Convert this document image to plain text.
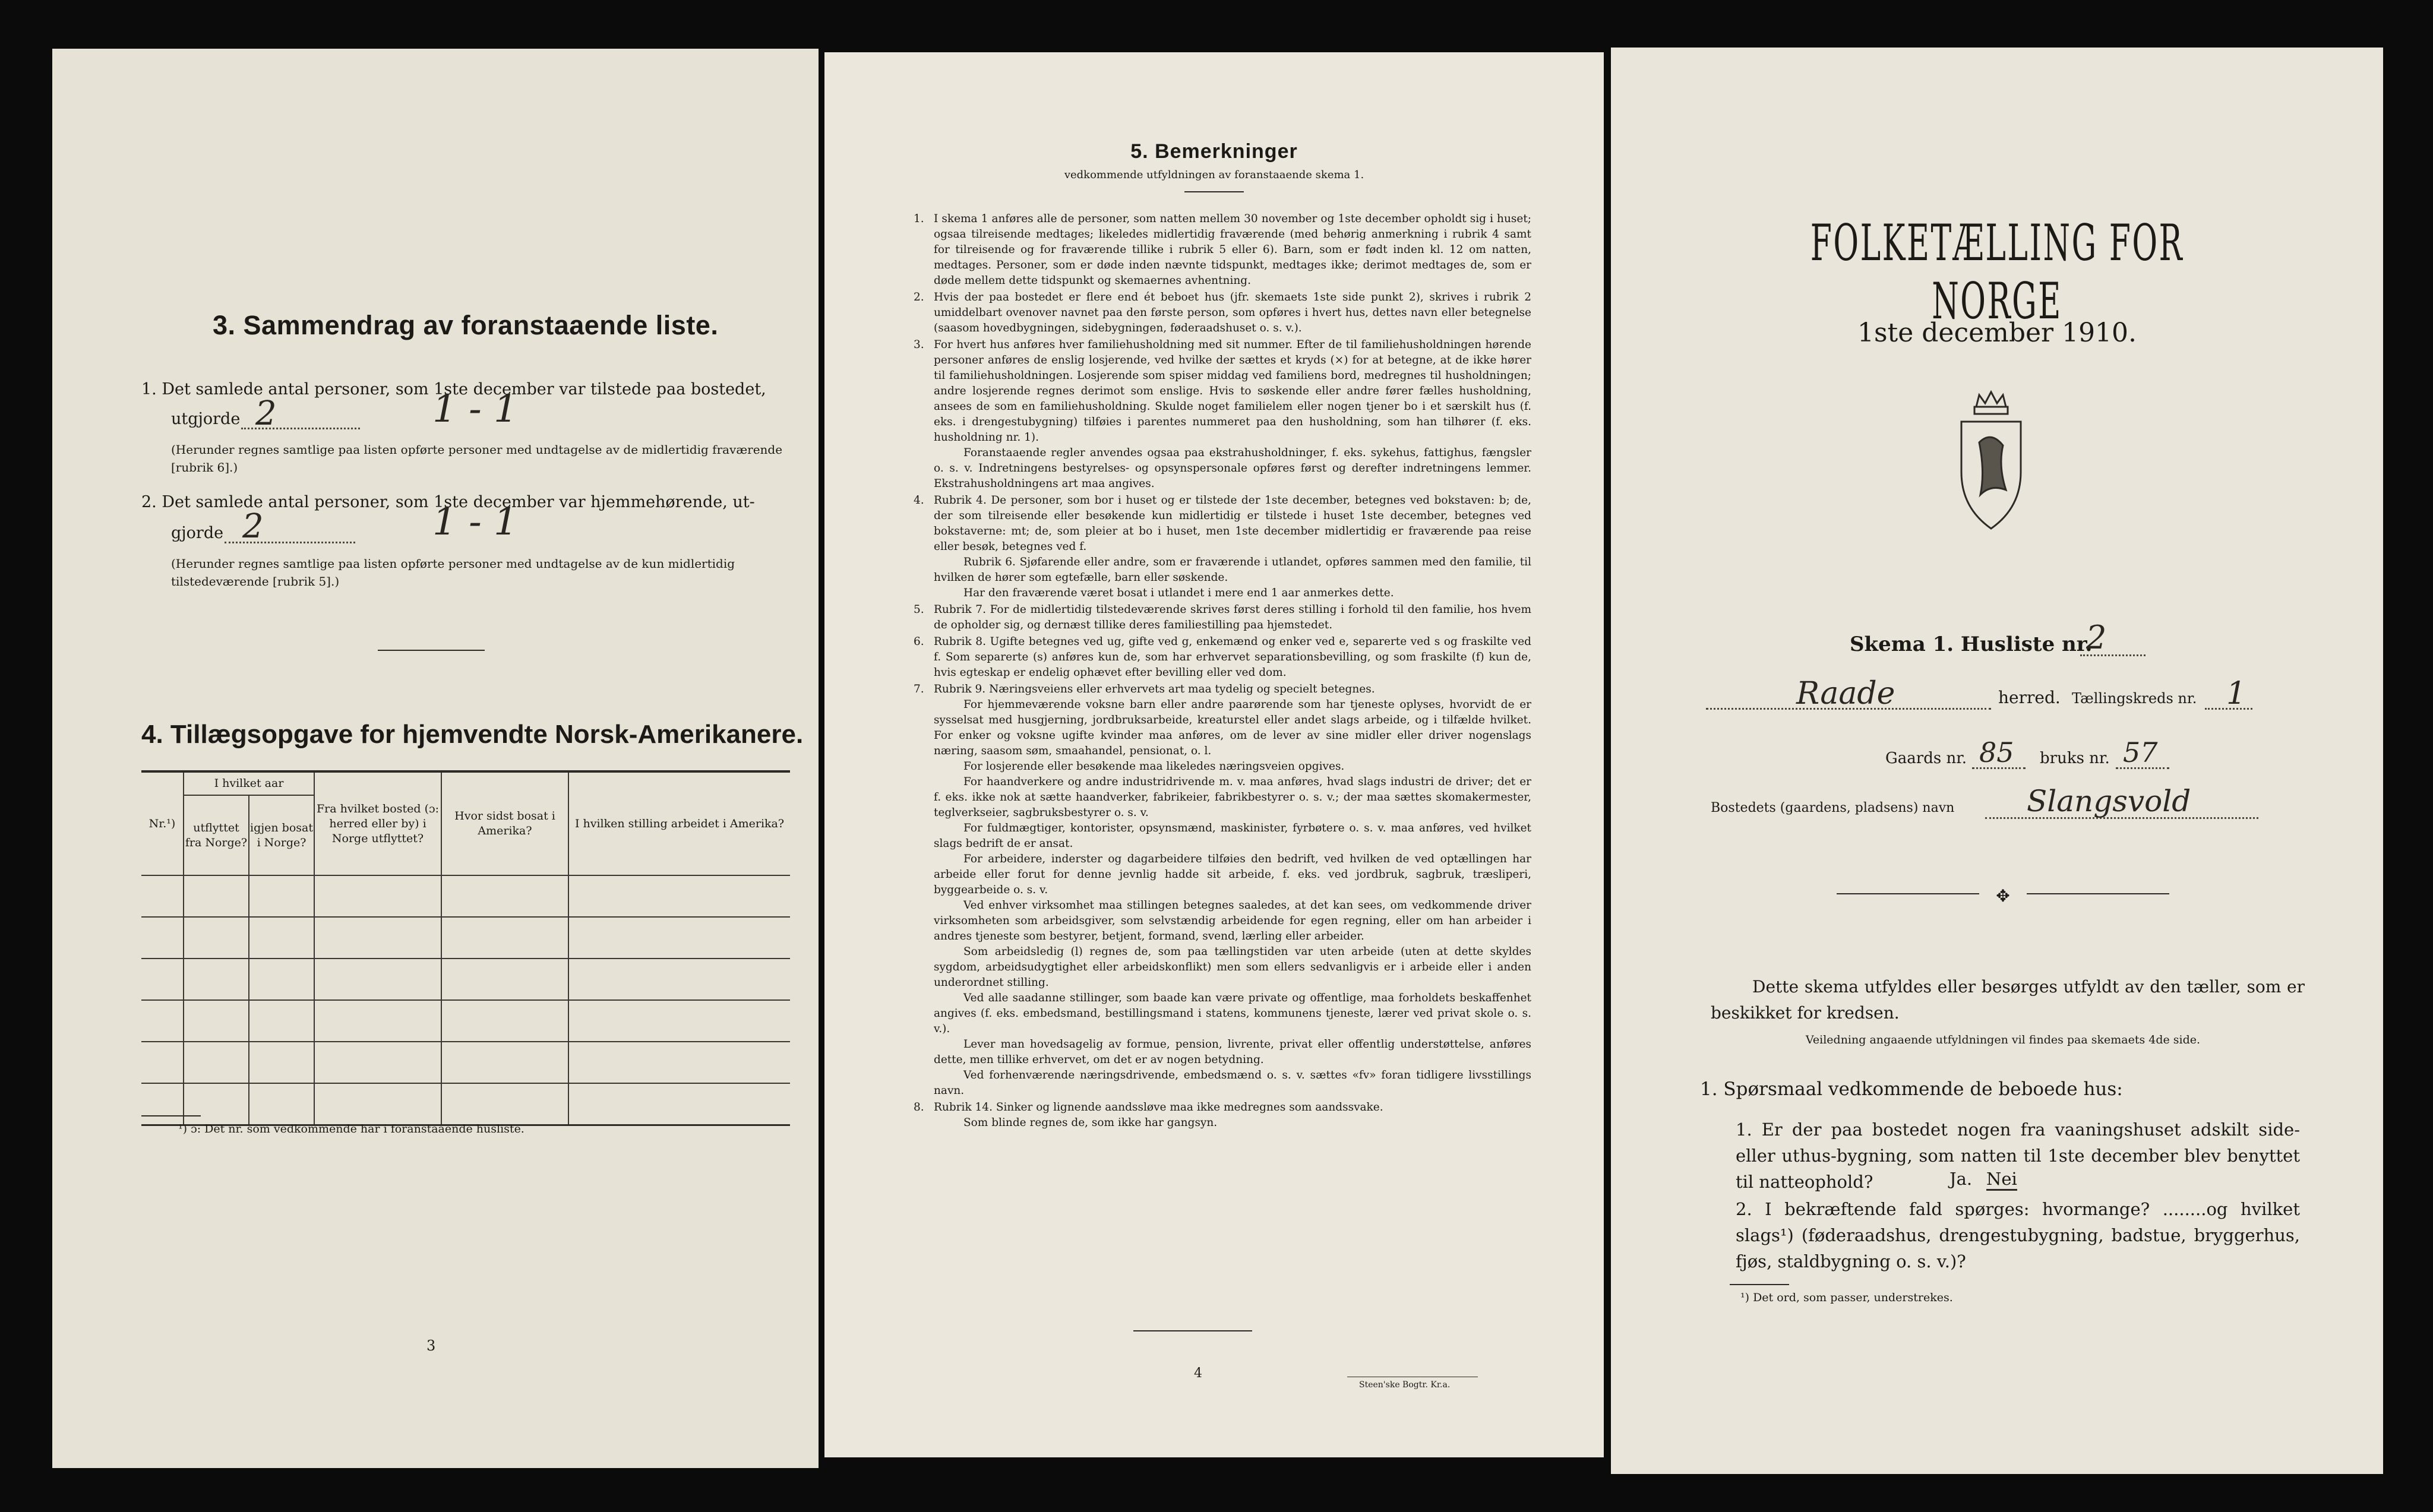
3. Sammendrag av foranstaaende liste.

1. Det samlede antal personer, som 1ste december var tilstede paa bostedet,

utgjorde 2	1 - 1

(Herunder regnes samtlige paa listen opførte personer med undtagelse av de midlertidig fraværende [rubrik 6].)

2. Det samlede antal personer, som 1ste december var hjemmehørende, ut-

gjorde 2	1 - 1

(Herunder regnes samtlige paa listen opførte personer med undtagelse av de kun midlertidig tilstedeværende [rubrik 5].)

4. Tillægsopgave for hjemvendte Norsk-Amerikanere.
Nr.¹)	I hvilket aar		Fra hvilket bosted (ɔ: herred eller by) i Norge utflyttet?	Hvor sidst bosat i Amerika?	I hvilken stilling arbeidet i Amerika?
	utflyttet fra Norge?	igjen bosat i Norge?			

¹) ɔ: Det nr. som vedkommende har i foranstaaende husliste.
3
5. Bemerkninger
vedkommende utfyldningen av foranstaaende skema 1.
1. I skema 1 anføres alle de personer, som natten mellem 30 november og 1ste december opholdt sig i huset; ogsaa tilreisende medtages; likeledes midlertidig fraværende (med behørig anmerkning i rubrik 4 samt for tilreisende og for fraværende tillike i rubrik 5 eller 6). Barn, som er født inden kl. 12 om natten, medtages. Personer, som er døde inden nævnte tidspunkt, medtages ikke; derimot medtages de, som er døde mellem dette tidspunkt og skemaernes avhentning.

2. Hvis der paa bostedet er flere end ét beboet hus (jfr. skemaets 1ste side punkt 2), skrives i rubrik 2 umiddelbart ovenover navnet paa den første person, som opføres i hvert hus, dettes navn eller betegnelse (saasom hovedbygningen, sidebygningen, føderaadshuset o. s. v.).

3. For hvert hus anføres hver familiehusholdning med sit nummer. Efter de til familiehusholdningen hørende personer anføres de enslig losjerende, ved hvilke der sættes et kryds (×) for at betegne, at de ikke hører til familiehusholdningen. Losjerende som spiser middag ved familiens bord, medregnes til husholdningen; andre losjerende regnes derimot som enslige. Hvis to søskende eller andre fører fælles husholdning, ansees de som en familiehusholdning. Skulde noget familielem eller nogen tjener bo i et særskilt hus (f. eks. i drengestubygning) tilføies i parentes nummeret paa den husholdning, som han tilhører (f. eks. husholdning nr. 1).

Foranstaaende regler anvendes ogsaa paa ekstrahusholdninger, f. eks. sykehus, fattighus, fængsler o. s. v. Indretningens bestyrelses- og opsynspersonale opføres først og derefter indretningens lemmer. Ekstrahusholdningens art maa angives.

4. Rubrik 4. De personer, som bor i huset og er tilstede der 1ste december, betegnes ved bokstaven: b; de, der som tilreisende eller besøkende kun midlertidig er tilstede i huset 1ste december, betegnes ved bokstaverne: mt; de, som pleier at bo i huset, men 1ste december midlertidig er fraværende paa reise eller besøk, betegnes ved f.

Rubrik 6. Sjøfarende eller andre, som er fraværende i utlandet, opføres sammen med den familie, til hvilken de hører som egtefælle, barn eller søskende.

Har den fraværende været bosat i utlandet i mere end 1 aar anmerkes dette.

5. Rubrik 7. For de midlertidig tilstedeværende skrives først deres stilling i forhold til den familie, hos hvem de opholder sig, og dernæst tillike deres familiestilling paa hjemstedet.

6. Rubrik 8. Ugifte betegnes ved ug, gifte ved g, enkemænd og enker ved e, separerte ved s og fraskilte ved f. Som separerte (s) anføres kun de, som har erhvervet separationsbevilling, og som fraskilte (f) kun de, hvis egteskap er endelig ophævet efter bevilling eller ved dom.

7. Rubrik 9. Næringsveiens eller erhvervets art maa tydelig og specielt betegnes.

For hjemmeværende voksne barn eller andre paarørende som har tjeneste oplyses, hvorvidt de er sysselsat med husgjerning, jordbruksarbeide, kreaturstel eller andet slags arbeide, og i tilfælde hvilket. For enker og voksne ugifte kvinder maa anføres, om de lever av sine midler eller driver nogenslags næring, saasom søm, smaahandel, pensionat, o. l.

For losjerende eller besøkende maa likeledes næringsveien opgives.

For haandverkere og andre industridrivende m. v. maa anføres, hvad slags industri de driver; det er f. eks. ikke nok at sætte haandverker, fabrikeier, fabrikbestyrer o. s. v.; der maa sættes skomakermester, teglverkseier, sagbruksbestyrer o. s. v.

For fuldmægtiger, kontorister, opsynsmænd, maskinister, fyrbøtere o. s. v. maa anføres, ved hvilket slags bedrift de er ansat.

For arbeidere, inderster og dagarbeidere tilføies den bedrift, ved hvilken de ved optællingen har arbeide eller forut for denne jevnlig hadde sit arbeide, f. eks. ved jordbruk, sagbruk, træsliperi, byggearbeide o. s. v.

Ved enhver virksomhet maa stillingen betegnes saaledes, at det kan sees, om vedkommende driver virksomheten som arbeidsgiver, som selvstændig arbeidende for egen regning, eller om han arbeider i andres tjeneste som bestyrer, betjent, formand, svend, lærling eller arbeider.

Som arbeidsledig (l) regnes de, som paa tællingstiden var uten arbeide (uten at dette skyldes sygdom, arbeidsudygtighet eller arbeidskonflikt) men som ellers sedvanligvis er i arbeide eller i anden underordnet stilling.

Ved alle saadanne stillinger, som baade kan være private og offentlige, maa forholdets beskaffenhet angives (f. eks. embedsmand, bestillingsmand i statens, kommunens tjeneste, lærer ved privat skole o. s. v.).

Lever man hovedsagelig av formue, pension, livrente, privat eller offentlig understøttelse, anføres dette, men tillike erhvervet, om det er av nogen betydning.

Ved forhenværende næringsdrivende, embedsmænd o. s. v. sættes «fv» foran tidligere livsstillings navn.

8. Rubrik 14. Sinker og lignende aandssløve maa ikke medregnes som aandssvake.

Som blinde regnes de, som ikke har gangsyn.

4
Steen'ske Bogtr. Kr.a.
FOLKETÆLLING FOR NORGE
1ste december 1910.
Skema 1. Husliste nr.
2
Raade	herred. Tællingskreds nr. 1
Gaards nr. 85 bruks nr. 57
Bostedets (gaardens, pladsens) navn Slangsvold
✥

Dette skema utfyldes eller besørges utfyldt av den tæller, som er beskikket for kredsen.

Veiledning angaaende utfyldningen vil findes paa skemaets 4de side.
1. Spørsmaal vedkommende de beboede hus:

1. Er der paa bostedet nogen fra vaaningshuset adskilt side- eller uthus-bygning, som natten til 1ste december blev benyttet til natteophold?	Ja. Nei

2. I bekræftende fald spørges: hvormange? ........og hvilket slags¹) (føderaadshus, drengestubygning, badstue, bryggerhus, fjøs, staldbygning o. s. v.)?

¹) Det ord, som passer, understrekes.
